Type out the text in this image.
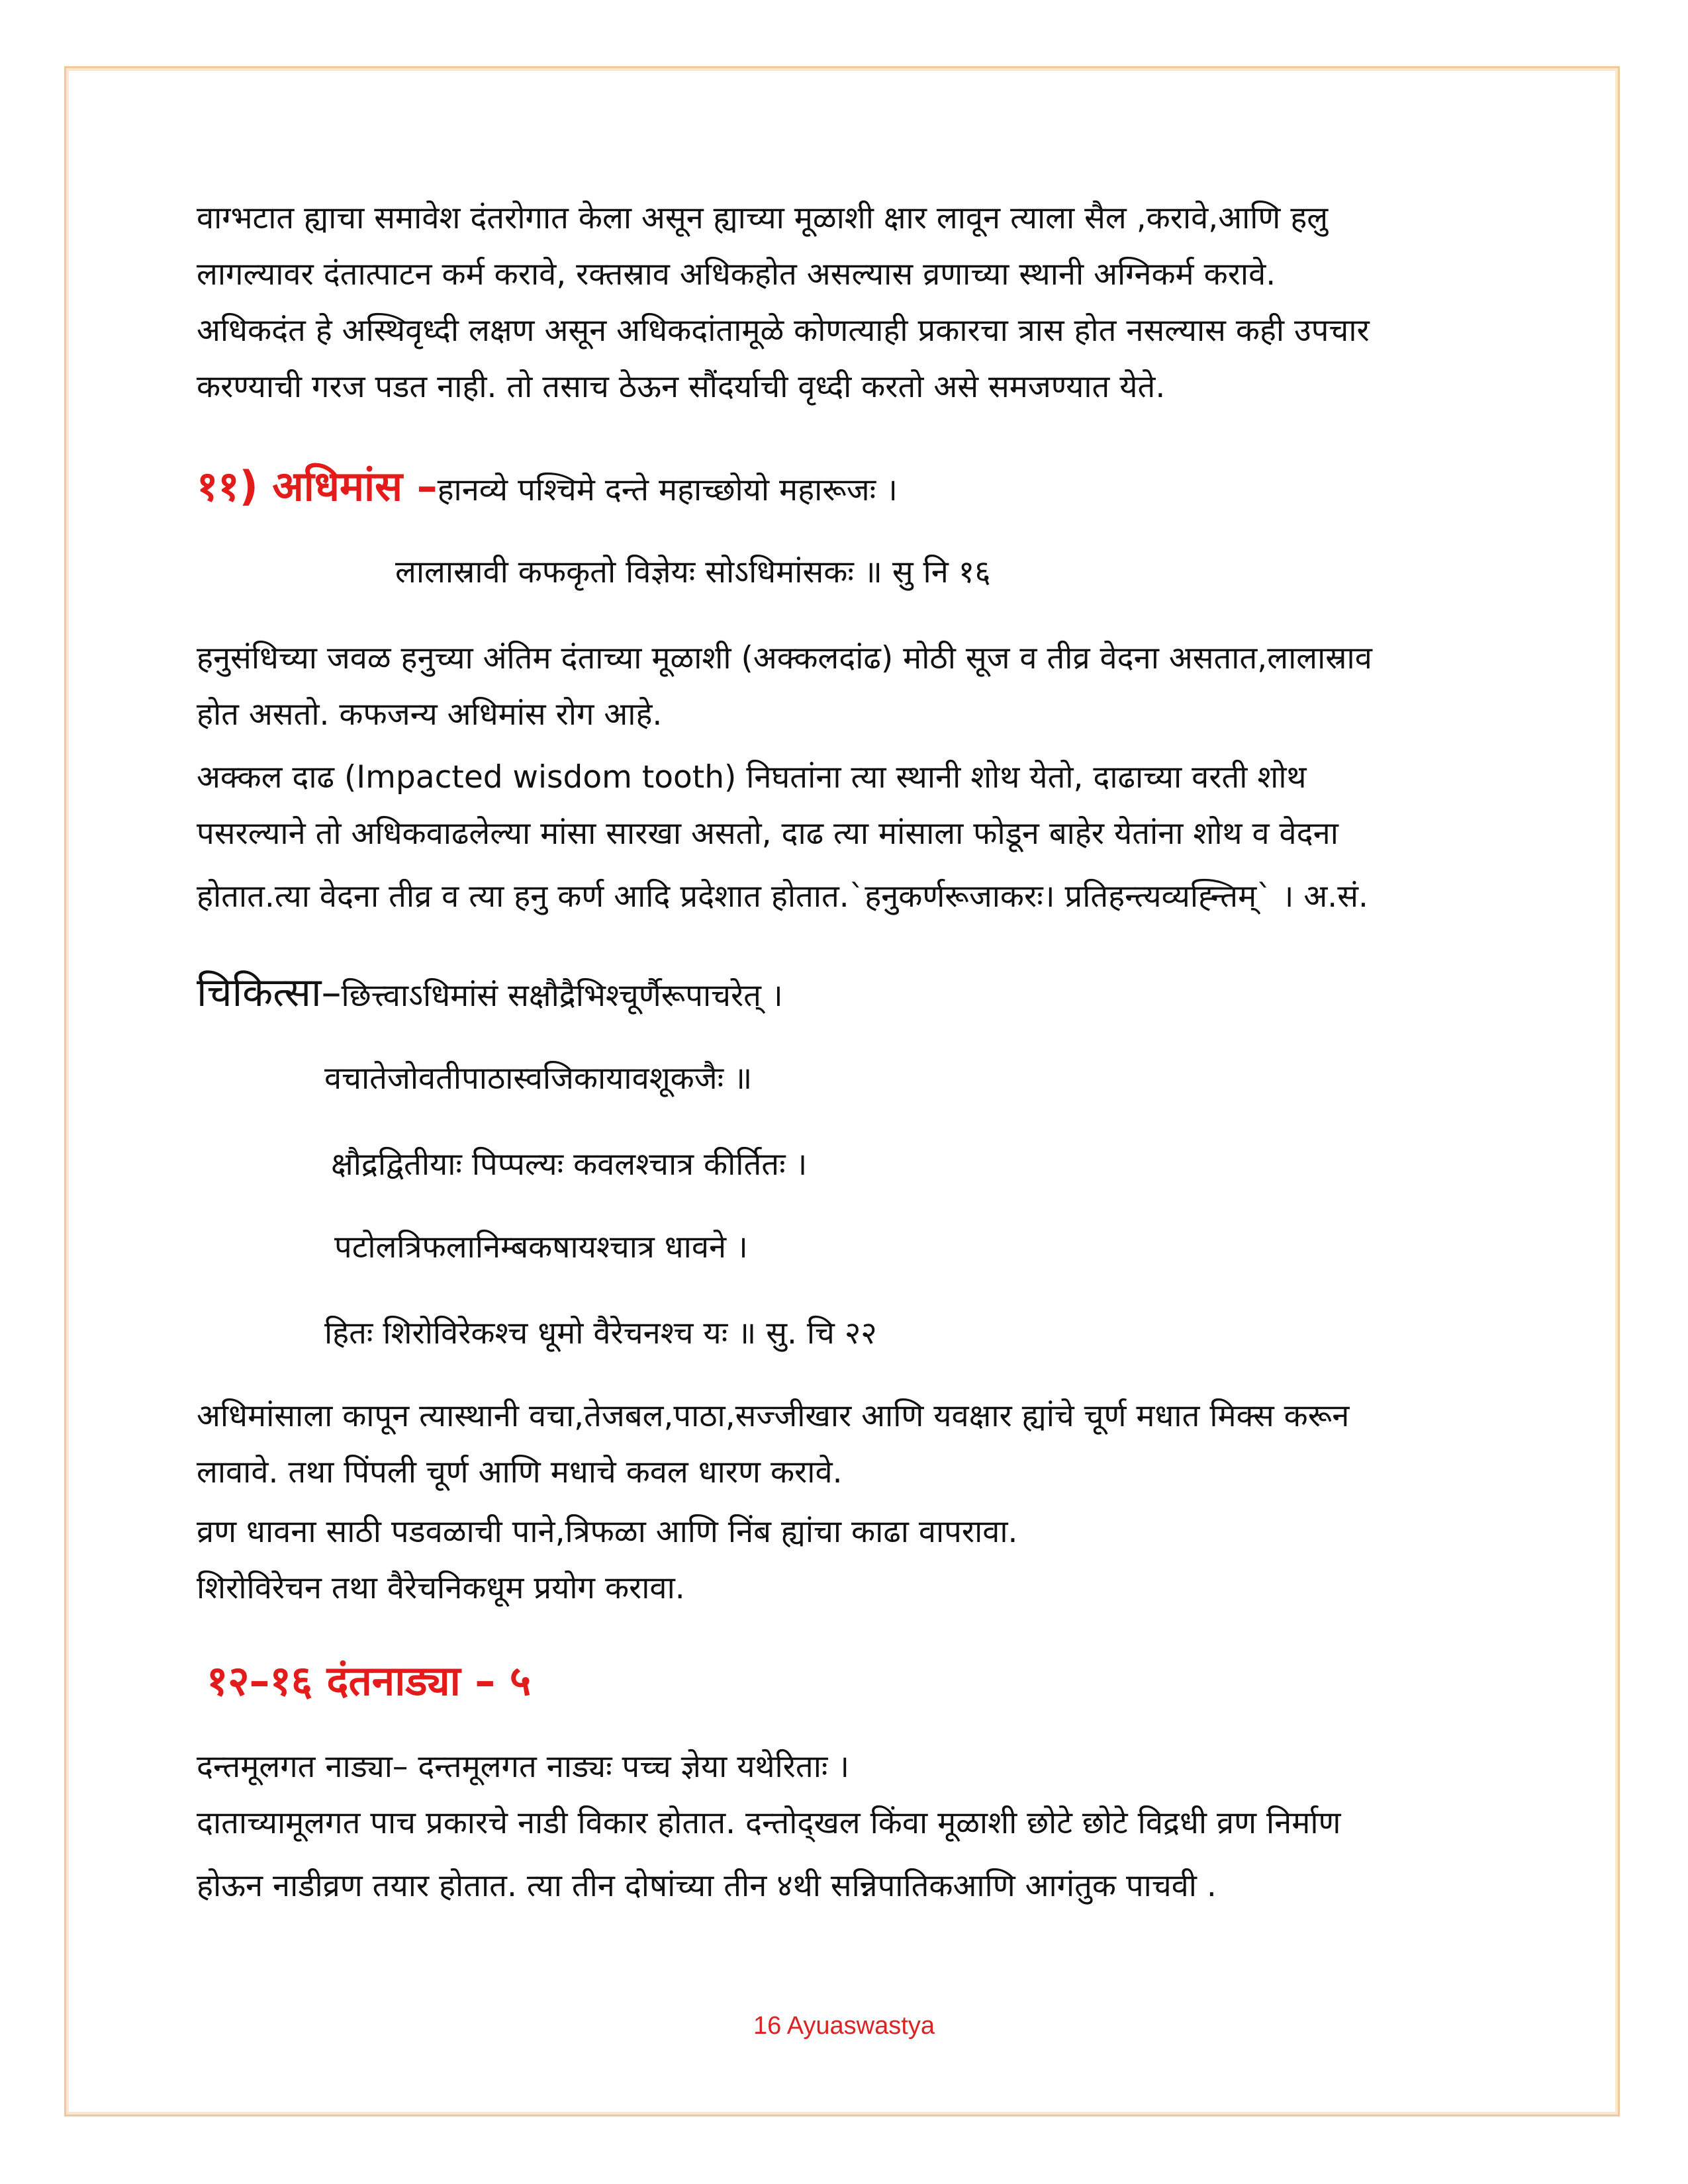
वाग्भटात ह्याचा समावेश दंतरोगात केला असून ह्याच्या मूळाशी क्षार लावून त्याला सैल ,करावे,आणि हलु
लागल्यावर दंतात्पाटन कर्म करावे, रक्तस्राव अधिकहोत असल्यास व्रणाच्या स्थानी अग्निकर्म करावे.
अधिकदंत हे अस्थिवृध्दी लक्षण असून अधिकदांतामूळे कोणत्याही प्रकारचा त्रास होत नसल्यास कही उपचार
करण्याची गरज पडत नाही. तो तसाच ठेऊन सौंदर्याची वृध्दी करतो असे समजण्यात येते.
११) अधिमांस –हानव्ये पश्चिमे दन्ते महाच्छोयो महारूजः ।
लालास्रावी कफकृतो विज्ञेयः सोऽधिमांसकः ॥ सु नि १६
हनुसंधिच्या जवळ हनुच्या अंतिम दंताच्या मूळाशी (अक्कलदांढ) मोठी सूज व तीव्र वेदना असतात,लालास्राव
होत असतो. कफजन्य अधिमांस रोग आहे.
अक्कल दाढ (Impacted wisdom tooth) निघतांना त्या स्थानी शोथ येतो, दाढाच्या वरती शोथ
पसरल्याने तो अधिकवाढलेल्या मांसा सारखा असतो, दाढ त्या मांसाला फोडून बाहेर येतांना शोथ व वेदना
होतात.त्या वेदना तीव्र व त्या हनु कर्ण आदि प्रदेशात होतात.`हनुकर्णरूजाकरः। प्रतिहन्त्यव्यह्न्तिम्` । अ.सं.
चिकित्सा–छित्त्वाऽधिमांसं सक्षौद्रैभिश्चूर्णैरूपाचरेत् ।
वचातेजोवतीपाठास्वजिकायावशूकजैः ॥
क्षौद्रद्वितीयाः पिप्पल्यः कवलश्चात्र कीर्तितः ।
पटोलत्रिफलानिम्बकषायश्चात्र धावने ।
हितः शिरोविरेकश्च धूमो वैरेचनश्च यः ॥ सु. चि २२
अधिमांसाला कापून त्यास्थानी वचा,तेजबल,पाठा,सज्जीखार आणि यवक्षार ह्यांचे चूर्ण मधात मिक्स करून
लावावे. तथा पिंपली चूर्ण आणि मधाचे कवल धारण करावे.
व्रण धावना साठी पडवळाची पाने,त्रिफळा आणि निंब ह्यांचा काढा वापरावा.
शिरोविरेचन तथा वैरेचनिकधूम प्रयोग करावा.
१२–१६ दंतनाड्या – ५
दन्तमूलगत नाड्या– दन्तमूलगत नाड्यः पच्च ज्ञेया यथेरिताः ।
दाताच्यामूलगत पाच प्रकारचे नाडी विकार होतात. दन्तोद्खल किंवा मूळाशी छोटे छोटे विद्रधी व्रण निर्माण
होऊन नाडीव्रण तयार होतात. त्या तीन दोषांच्या तीन ४थी सन्निपातिकआणि आगंतुक पाचवी .
16 Ayuaswastya
